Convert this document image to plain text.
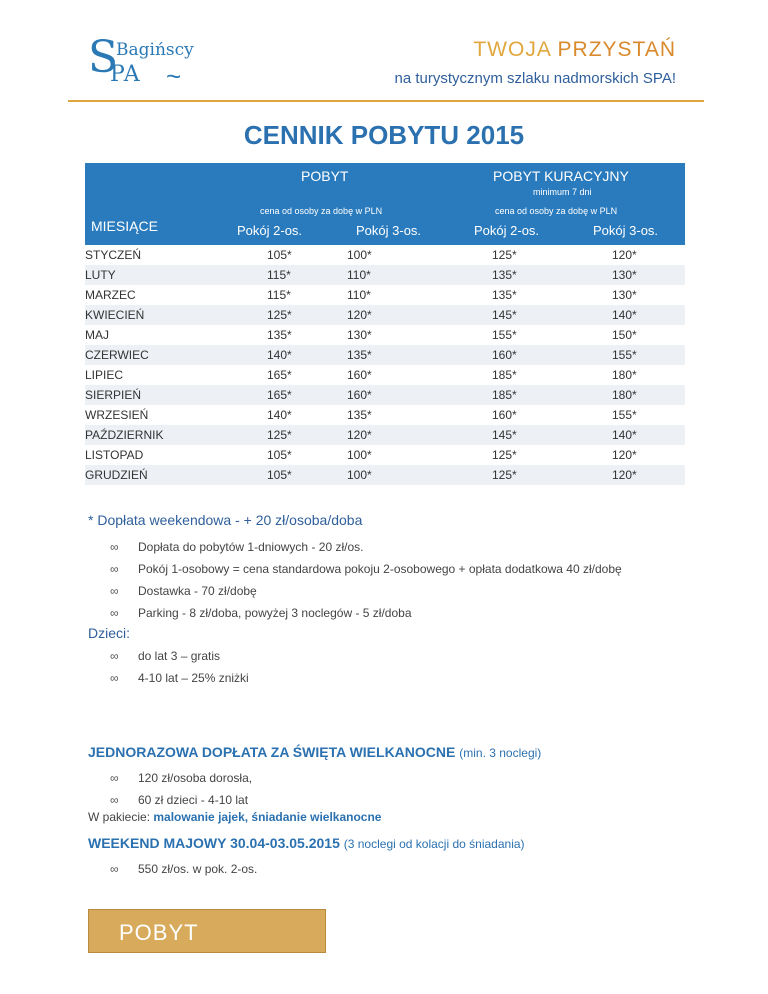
S
Bagińscy
PA ~
TWOJA PRZYSTAŃ
na turystycznym szlaku nadmorskich SPA!
CENNIK POBYTU 2015
POBYT	POBYT KURACYJNY
minimum 7 dni
cena od osoby za dobę w PLN	cena od osoby za dobę w PLN
MIESIĄCE	Pokój 2-os.	Pokój 3-os.	Pokój 2-os.	Pokój 3-os.
STYCZEŃ	105*	100*	125*	120*
LUTY	115*	110*	135*	130*
MARZEC	115*	110*	135*	130*
KWIECIEŃ	125*	120*	145*	140*
MAJ	135*	130*	155*	150*
CZERWIEC	140*	135*	160*	155*
LIPIEC	165*	160*	185*	180*
SIERPIEŃ	165*	160*	185*	180*
WRZESIEŃ	140*	135*	160*	155*
PAŹDZIERNIK	125*	120*	145*	140*
LISTOPAD	105*	100*	125*	120*
GRUDZIEŃ	105*	100*	125*	120*
* Dopłata weekendowa - + 20 zł/osoba/doba
∞ Dopłata do pobytów 1-dniowych - 20 zł/os.
∞ Pokój 1-osobowy = cena standardowa pokoju 2-osobowego + opłata dodatkowa 40 zł/dobę
∞ Dostawka - 70 zł/dobę
∞ Parking - 8 zł/doba, powyżej 3 noclegów - 5 zł/doba
Dzieci:
∞ do lat 3 – gratis
∞ 4-10 lat – 25% zniżki
JEDNORAZOWA DOPŁATA ZA ŚWIĘTA WIELKANOCNE (min. 3 noclegi)
∞ 120 zł/osoba dorosła,
∞ 60 zł dzieci - 4-10 lat
W pakiecie: malowanie jajek, śniadanie wielkanocne
WEEKEND MAJOWY 30.04-03.05.2015 (3 noclegi od kolacji do śniadania)
∞ 550 zł/os. w pok. 2-os.
POBYT
